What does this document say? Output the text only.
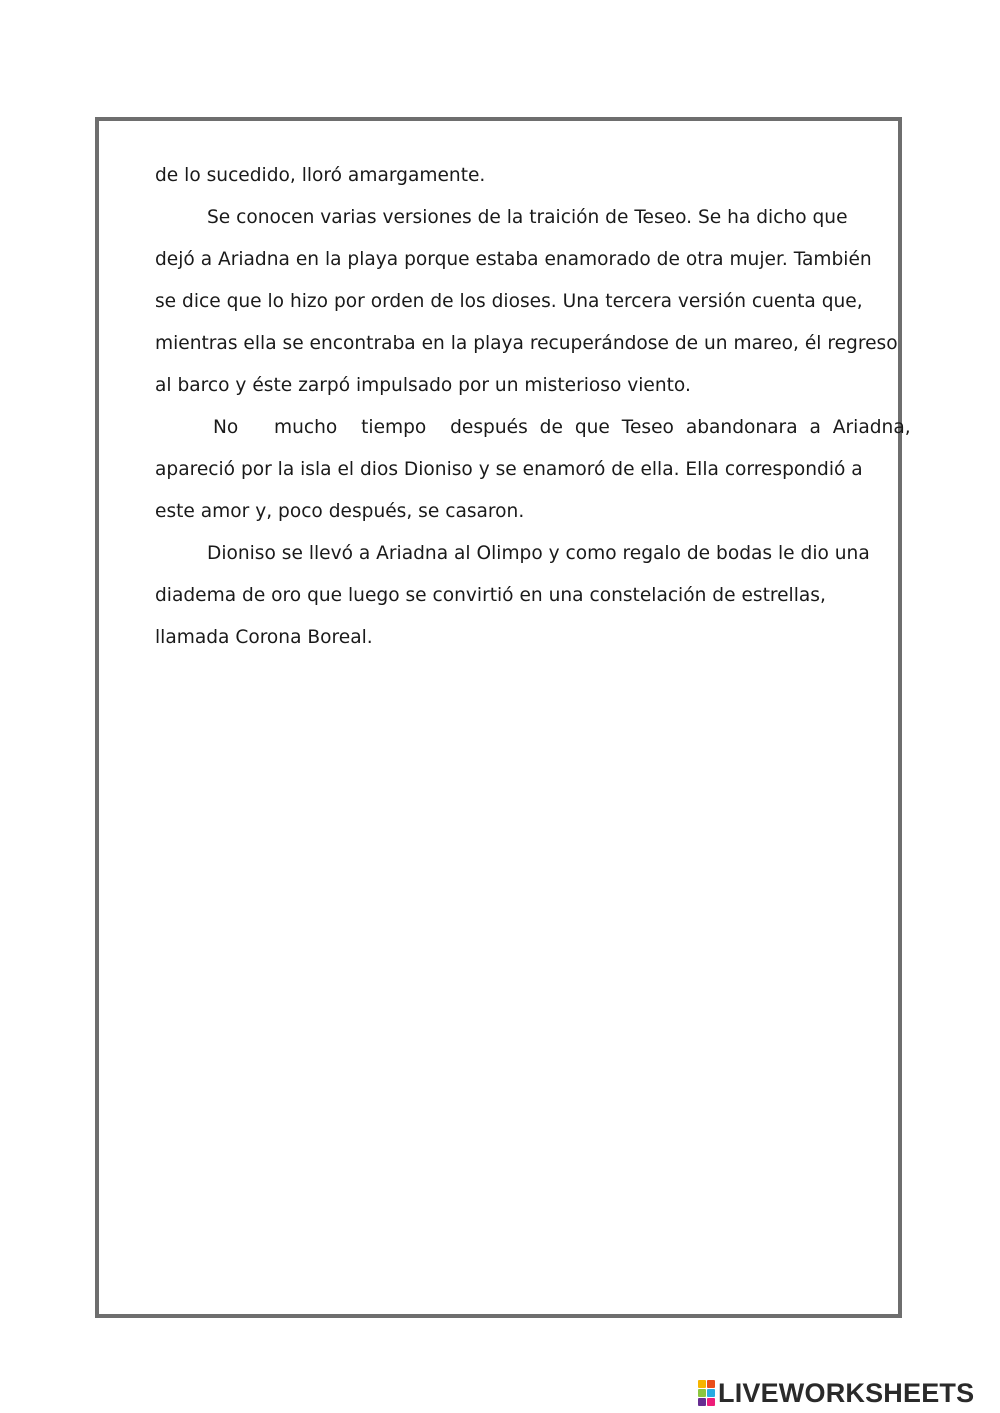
de lo sucedido, lloró amargamente.
Se conocen varias versiones de la traición de Teseo. Se ha dicho que
dejó a Ariadna en la playa porque estaba enamorado de otra mujer. También
se dice que lo hizo por orden de los dioses. Una tercera versión cuenta que,
mientras ella se encontraba en la playa recuperándose de un mareo, él regreso
al barco y éste zarpó impulsado por un misterioso viento.
No   mucho  tiempo  después de que Teseo abandonara a Ariadna,
apareció por la isla el dios Dioniso y se enamoró de ella. Ella correspondió a
este amor y, poco después, se casaron.
Dioniso se llevó a Ariadna al Olimpo y como regalo de bodas le dio una
diadema de oro que luego se convirtió en una constelación de estrellas,
llamada Corona Boreal.
LIVEWORKSHEETS
